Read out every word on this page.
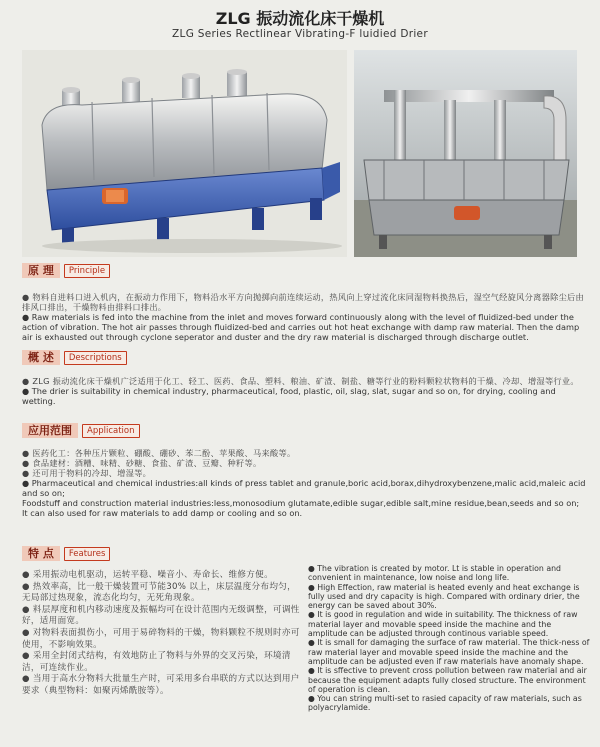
ZLG 振动流化床干燥机
ZLG Series Rectlinear Vibrating-F luidied Drier
原 理	Principle

● 物料自进料口进入机内，在振动力作用下，物料沿水平方向抛掷向前连续运动，热风向上穿过流化床同湿物料换热后，湿空气经旋风分离器除尘后由排风口排出，干燥物料由排料口排出。

● Raw materials is fed into the machine from the inlet and moves forward continuously along with the level of fluidized-bed under the action of vibration. The hot air passes through fluidized-bed and carries out hot heat exchange with damp raw material. Then the damp air is exhausted out through cyclone seperator and duster and the dry raw material is discharged through discharge outlet.

概 述	Descriptions

● ZLG 振动流化床干燥机广泛适用于化工、轻工、医药、食品、塑料、粮油、矿渣、制盐、糖等行业的粉料颗粒状物料的干燥、冷却、增湿等行业。

● The drier is suitability in chemical industry, pharmaceutical, food, plastic, oil, slag, slat, sugar and so on, for drying, cooling and wetting.

应用范围	Application

● 医药化工：各种压片颗粒、硼酸、硼砂、苯二酚、苹果酸、马来酸等。

● 食品建材：酒糟、味精、砂糖、食盐、矿渣、豆瓣、种籽等。

● 还可用于物料的冷却、增湿等。

● Pharmaceutical and chemical industries:all kinds of press tablet and granule,boric acid,borax,dihydroxybenzene,malic acid,maleic acid and so on;

Foodstuff and construction material industries:less,monosodium glutamate,edible sugar,edible salt,mine residue,bean,seeds and so on;

It can also used for raw materials to add damp or cooling and so on.

特 点	Features

● 采用振动电机驱动，运转平稳、噪音小、寿命长、维修方便。

● 热效率高，比一般干燥装置可节能30% 以上，床层温度分布均匀，无局部过热现象，流态化均匀，无死角现象。

● 料层厚度和机内移动速度及振幅均可在设计范围内无级调整，可调性好，适用面宽。

● 对物料表面损伤小，可用于易碎物料的干燥，物料颗粒不规则时亦可使用，不影响效果。

● 采用全封闭式结构，有效地防止了物料与外界的交叉污染，环境清洁，可连续作业。

● 当用于高水分物料大批量生产时，可采用多台串联的方式以达到用户要求（典型物料：如聚丙烯酰胺等）。

● The vibration is created by motor. Lt is stable in operation and convenient in maintenance, low noise and long life.

● High Effection, raw material is heated evenly and heat exchange is fully used and dry capacity is high. Compared with ordinary drier, the energy can be saved about 30%.

● It is good in regulation and wide in suitability. The thickness of raw material layer and movable speed inside the machine and the amplitude can be adjusted through continous variable speed.

● It is small for damaging the surface of raw material. The thick-ness of raw material layer and movable speed inside the machine and the amplitude can be adjusted even if raw materials have anomaly shape.

● It is sffective to prevent cross pollution between raw material and air because the equipment adapts fully closed structure. The environment of operation is clean.

● You can string multi-set to rasied capacity of raw materials, such as polyacrylamide.
